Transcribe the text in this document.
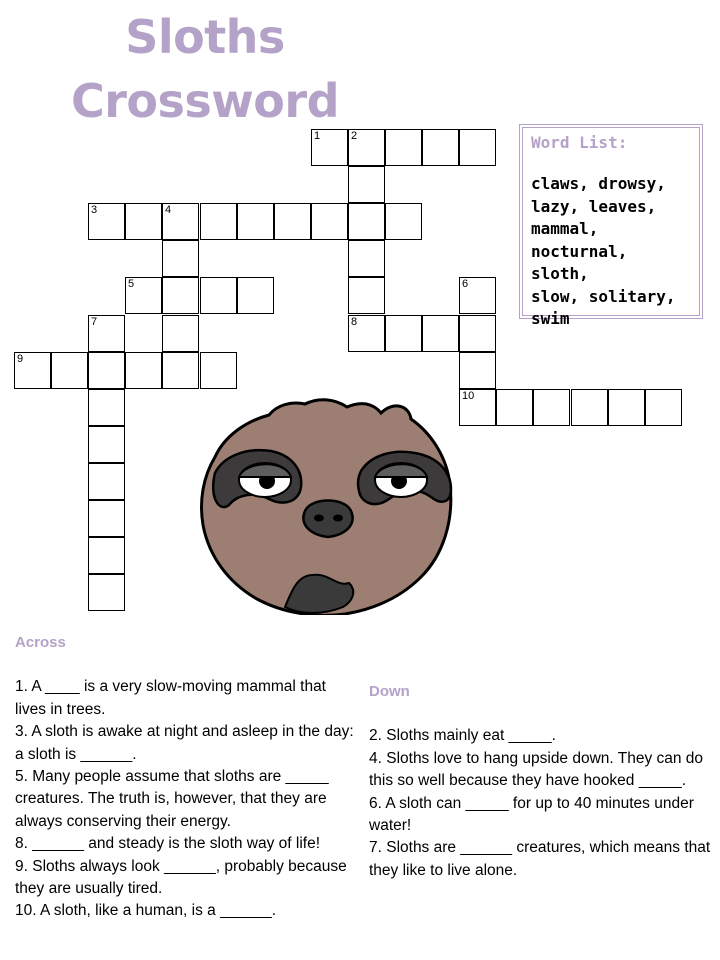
Sloths
Crossword
1	2
3	4
5
8
9
10
6
7
Word List:
claws, drowsy,
lazy, leaves,
mammal,
nocturnal, sloth,
slow, solitary,
swim
Across
1. A ____ is a very slow-moving mammal that lives in trees.
3. A sloth is awake at night and asleep in the day: a sloth is ______.
5. Many people assume that sloths are _____ creatures. The truth is, however, that they are always conserving their energy.
8. ______ and steady is the sloth way of life!
9. Sloths always look ______, probably because they are usually tired.
10. A sloth, like a human, is a ______.
Down
2. Sloths mainly eat _____.
4. Sloths love to hang upside down. They can do this so well because they have hooked _____.
6. A sloth can _____ for up to 40 minutes under water!
7. Sloths are ______ creatures, which means that they like to live alone.
